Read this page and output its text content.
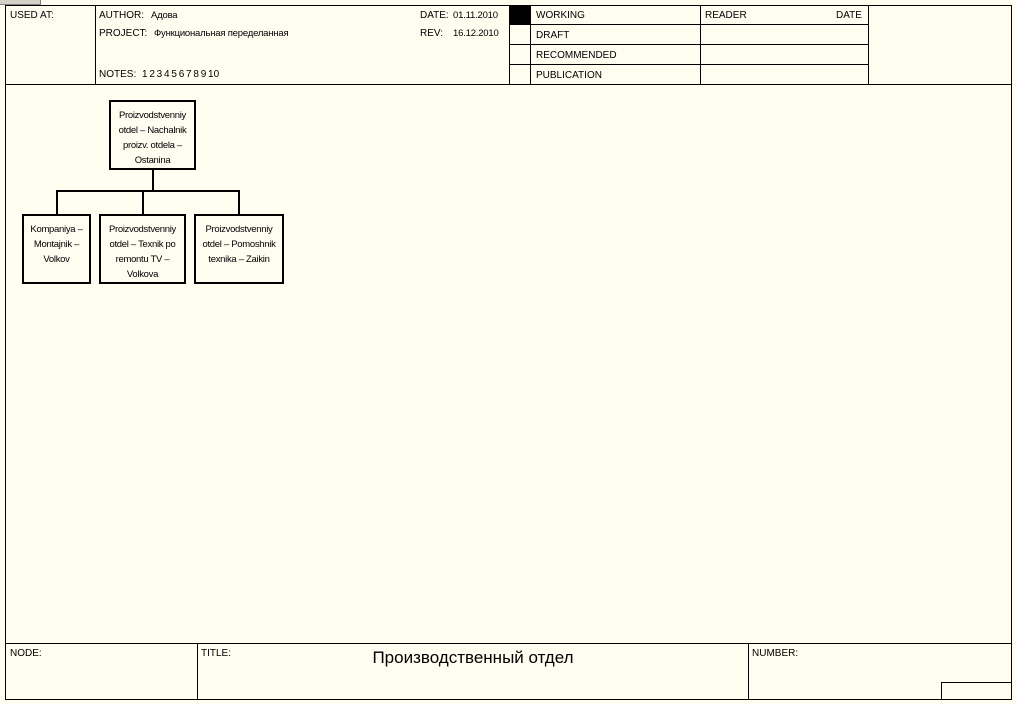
USED AT:	AUTHOR: Адова
PROJECT: Функциональная переделанная
NOTES: 1 2 3 4 5 6 7 8 9 10
DATE: 01.11.2010
REV: 16.12.2010
WORKING
DRAFT
RECOMMENDED
PUBLICATION
READER	DATE
Proizvodstvenniy otdel – Nachalnik proizv. otdela – Ostanina
Kompaniya – Montajnik – Volkov
Proizvodstvenniy otdel – Texnik po remontu TV – Volkova
Proizvodstvenniy otdel – Pomoshnik texnika – Zaikin
NODE:	TITLE:	Производственный отдел	NUMBER:
